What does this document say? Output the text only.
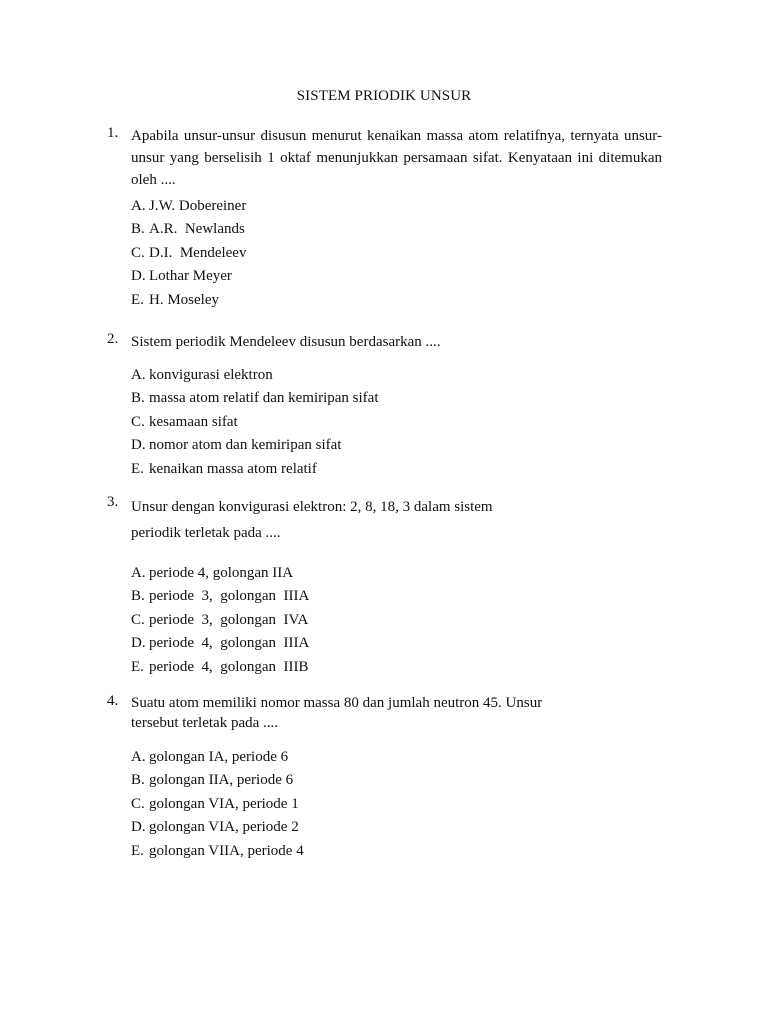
SISTEM PRIODIK UNSUR
1. Apabila unsur-unsur disusun menurut kenaikan massa atom relatifnya, ternyata unsur-unsur yang berselisih 1 oktaf menunjukkan persamaan sifat. Kenyataan ini ditemukan oleh ....

A. J.W. Dobereiner
B. A.R.  Newlands
C. D.I.  Mendeleev
D. Lothar Meyer
E. H. Moseley
2. Sistem periodik Mendeleev disusun berdasarkan ....

A. konvigurasi elektron
B. massa atom relatif dan kemiripan sifat
C. kesamaan sifat
D. nomor atom dan kemiripan sifat
E. kenaikan massa atom relatif
3. Unsur dengan konvigurasi elektron: 2, 8, 18, 3 dalam sistem

periodik terletak pada ....

A. periode 4, golongan IIA
B. periode  3,  golongan  IIIA
C. periode  3,  golongan  IVA
D. periode  4,  golongan  IIIA
E. periode  4,  golongan  IIIB
4. Suatu atom memiliki nomor massa 80 dan jumlah neutron 45. Unsur

tersebut terletak pada ....

A. golongan IA, periode 6
B. golongan IIA, periode 6
C. golongan VIA, periode 1
D. golongan VIA, periode 2
E. golongan VIIA, periode 4
